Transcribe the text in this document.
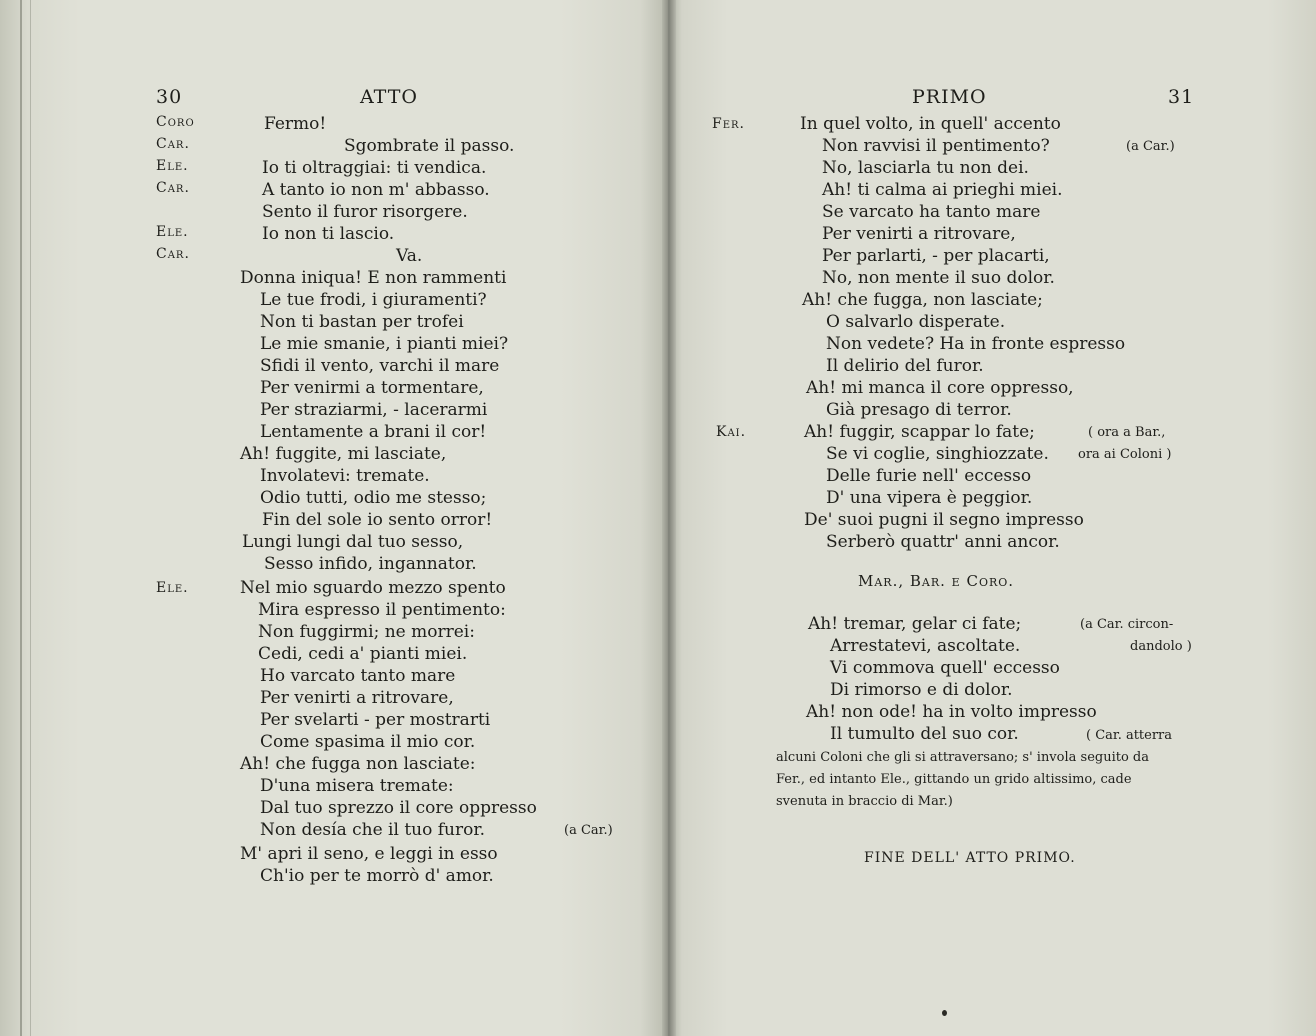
30	ATTO
Coro
Car.
Ele.
Car.
Ele.
Car.
Ele.
Fermo!
Sgombrate il passo.
Io ti oltraggiai: ti vendica.
A tanto io non m' abbasso.
Sento il furor risorgere.
Io non ti lascio.
Va.
Donna iniqua! E non rammenti
Le tue frodi, i giuramenti?
Non ti bastan per trofei
Le mie smanie, i pianti miei?
Sfidi il vento, varchi il mare
Per venirmi a tormentare,
Per straziarmi, - lacerarmi
Lentamente a brani il cor!
Ah! fuggite, mi lasciate,
Involatevi: tremate.
Odio tutti, odio me stesso;
Fin del sole io sento orror!
Lungi lungi dal tuo sesso,
Sesso infido, ingannator.
Nel mio sguardo mezzo spento
Mira espresso il pentimento:
Non fuggirmi; ne morrei:
Cedi, cedi a' pianti miei.
Ho varcato tanto mare
Per venirti a ritrovare,
Per svelarti - per mostrarti
Come spasima il mio cor.
Ah! che fugga non lasciate:
D'una misera tremate:
Dal tuo sprezzo il core oppresso
Non desía che il tuo furor.
M' apri il seno, e leggi in esso
Ch'io per te morrò d' amor.
(a Car.)
PRIMO	31
Fer.
Kai.
In quel volto, in quell' accento
Non ravvisi il pentimento?
No, lasciarla tu non dei.
Ah! ti calma ai prieghi miei.
Se varcato ha tanto mare
Per venirti a ritrovare,
Per parlarti, - per placarti,
No, non mente il suo dolor.
Ah! che fugga, non lasciate;
O salvarlo disperate.
Non vedete? Ha in fronte espresso
Il delirio del furor.
Ah! mi manca il core oppresso,
Già presago di terror.
Ah! fuggir, scappar lo fate;
Se vi coglie, singhiozzate.
Delle furie nell' eccesso
D' una vipera è peggior.
De' suoi pugni il segno impresso
Serberò quattr' anni ancor.
(a Car.)
( ora a Bar.,
ora ai Coloni )
Mar., Bar. e Coro.
Ah! tremar, gelar ci fate;
Arrestatevi, ascoltate.
Vi commova quell' eccesso
Di rimorso e di dolor.
Ah! non ode! ha in volto impresso
Il tumulto del suo cor.
(a Car. circon-
dandolo )
( Car. atterra
alcuni Coloni che gli si attraversano; s' invola seguito da
Fer., ed intanto Ele., gittando un grido altissimo, cade
svenuta in braccio di Mar.)
FINE DELL' ATTO PRIMO.
